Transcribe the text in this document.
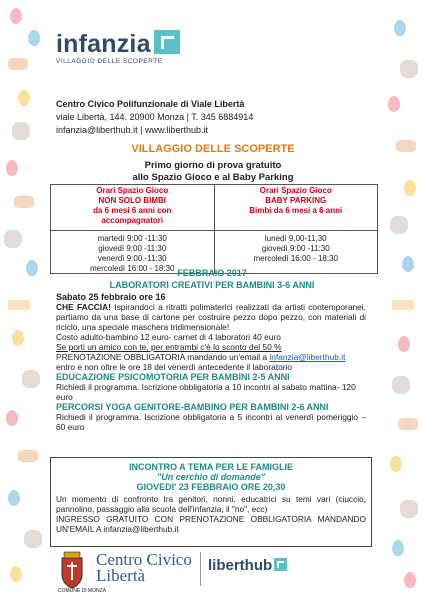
infanzia
VILLAGGIO DELLE SCOPERTE
Centro Civico Polifunzionale di Viale Libertà
viale Libertà, 144. 20900 Monza | T. 345 6884914
infanzia@liberthub.it | www.liberthub.it
VILLAGGIO DELLE SCOPERTE
Primo giorno di prova gratuito
allo Spazio Gioco e al Baby Parking
Orari Spazio Gioco
NON SOLO BIMBI
da 6 mesi 6 anni con
accompagnatori
martedì 9:00 -11:30
giovedì 9:00 -11:30
venerdì 9:00 -11:30
mercoledì 16:00 - 18:30
Orari Spazio Gioco
BABY PARKING
Bimbi da 6 mesi a 6 anni
lunedì 9,00-11,30
giovedì 9:00 -11:30
mercoledì 16:00 - 18:30
FEBBRAIO 2017
LABORATORI CREATIVI PER BAMBINI 3-6 ANNI
Sabato 25 febbraio ore 16
CHE FACCIA! Ispirandoci a ritratti polimaterici realizzati da artisti contemporanei, partiamo da una base di cartone per costruire pezzo dopo pezzo, con materiali di riciclo, una speciale maschera tridimensionale!
Costo adulto-bambino 12 euro- carnet di 4 laboratori 40 euro
Se porti un amico con te, per entrambi c'è lo sconto del 50 %
PRENOTAZIONE OBBLIGATORIA mandando un'email a infanzia@liberthub.it
entro e non oltre le ore 18 del venerdì antecedente il laboratorio
EDUCAZIONE PSICOMOTORIA PER BAMBINI 2-5 ANNI
Richiedi il programma. Iscrizione obbligatoria a 10 incontri al sabato mattina- 120 euro
PERCORSI YOGA GENITORE-BAMBINO PER BAMBINI 2-6 ANNI
Richiedi il programma. Iscrizione obbligatoria a 5 incontri al venerdì pomeriggio – 60 euro
INCONTRO A TEMA PER LE FAMIGLIE
"Un cerchio di domande"
GIOVEDI' 23 FEBBRAIO ORE 20,30
Un momento di confronto tra genitori, nonni, educatrici su temi vari (ciuccio, pannolino, passaggio alla scuola dell'infanzia, il "no", ecc)
INGRESSO GRATUITO CON PRENOTAZIONE OBBLIGATORIA MANDANDO UN'EMAIL A infanzia@liberthub.it
COMUNE DI MONZA
Centro Civico
Libertà
liberthub
